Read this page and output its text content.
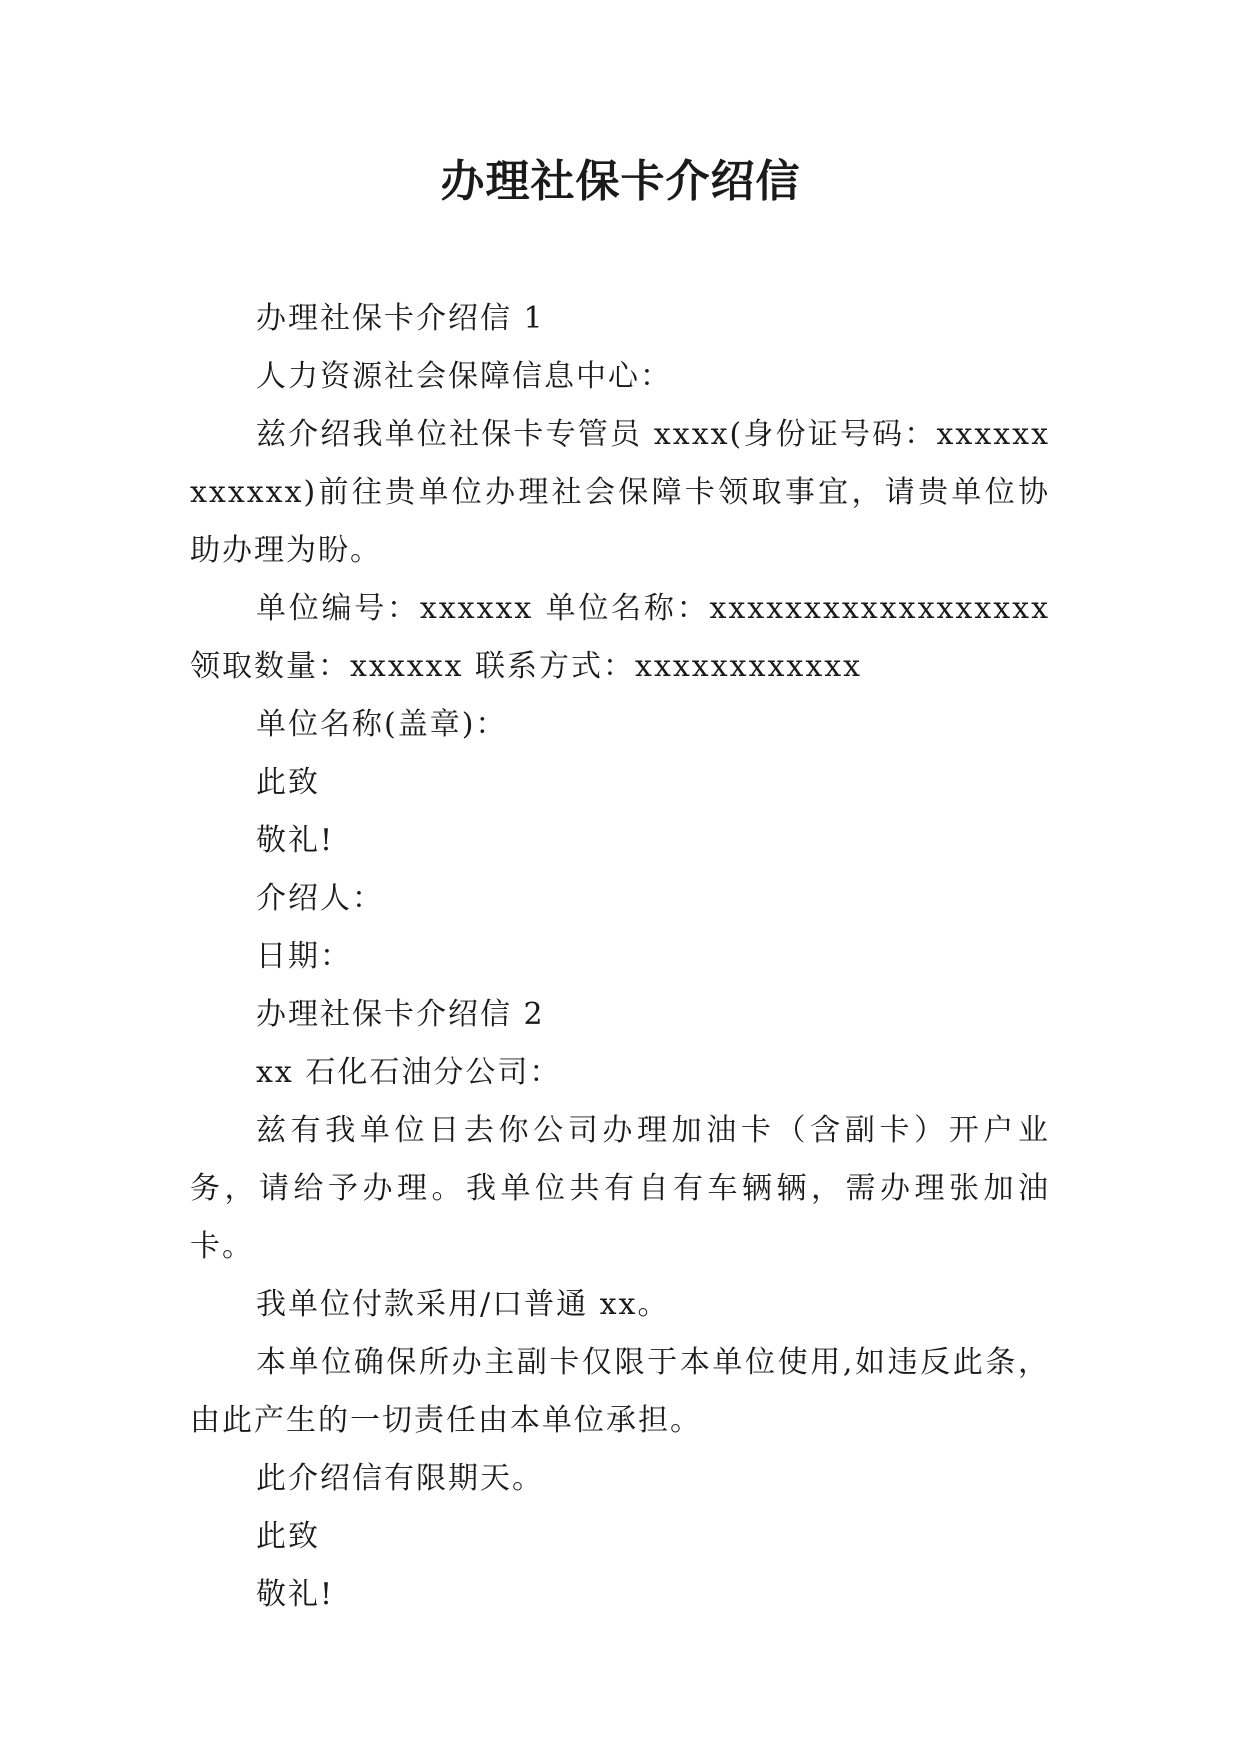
办理社保卡介绍信

办理社保卡介绍信 1

人力资源社会保障信息中心：

兹介绍我单位社保卡专管员 xxxx(身份证号码：xxxxxxxxxxxx)前往贵单位办理社会保障卡领取事宜，请贵单位协助办理为盼。

单位编号：xxxxxx 单位名称：xxxxxxxxxxxxxxxxxx 领取数量：xxxxxx 联系方式：xxxxxxxxxxxx

单位名称(盖章)：

此致

敬礼!

介绍人：

日期：

办理社保卡介绍信 2

xx 石化石油分公司：

兹有我单位日去你公司办理加油卡（含副卡）开户业务，请给予办理。我单位共有自有车辆辆，需办理张加油卡。

我单位付款采用/口普通 xx。

本单位确保所办主副卡仅限于本单位使用,如违反此条，由此产生的一切责任由本单位承担。

此介绍信有限期天。

此致

敬礼!
